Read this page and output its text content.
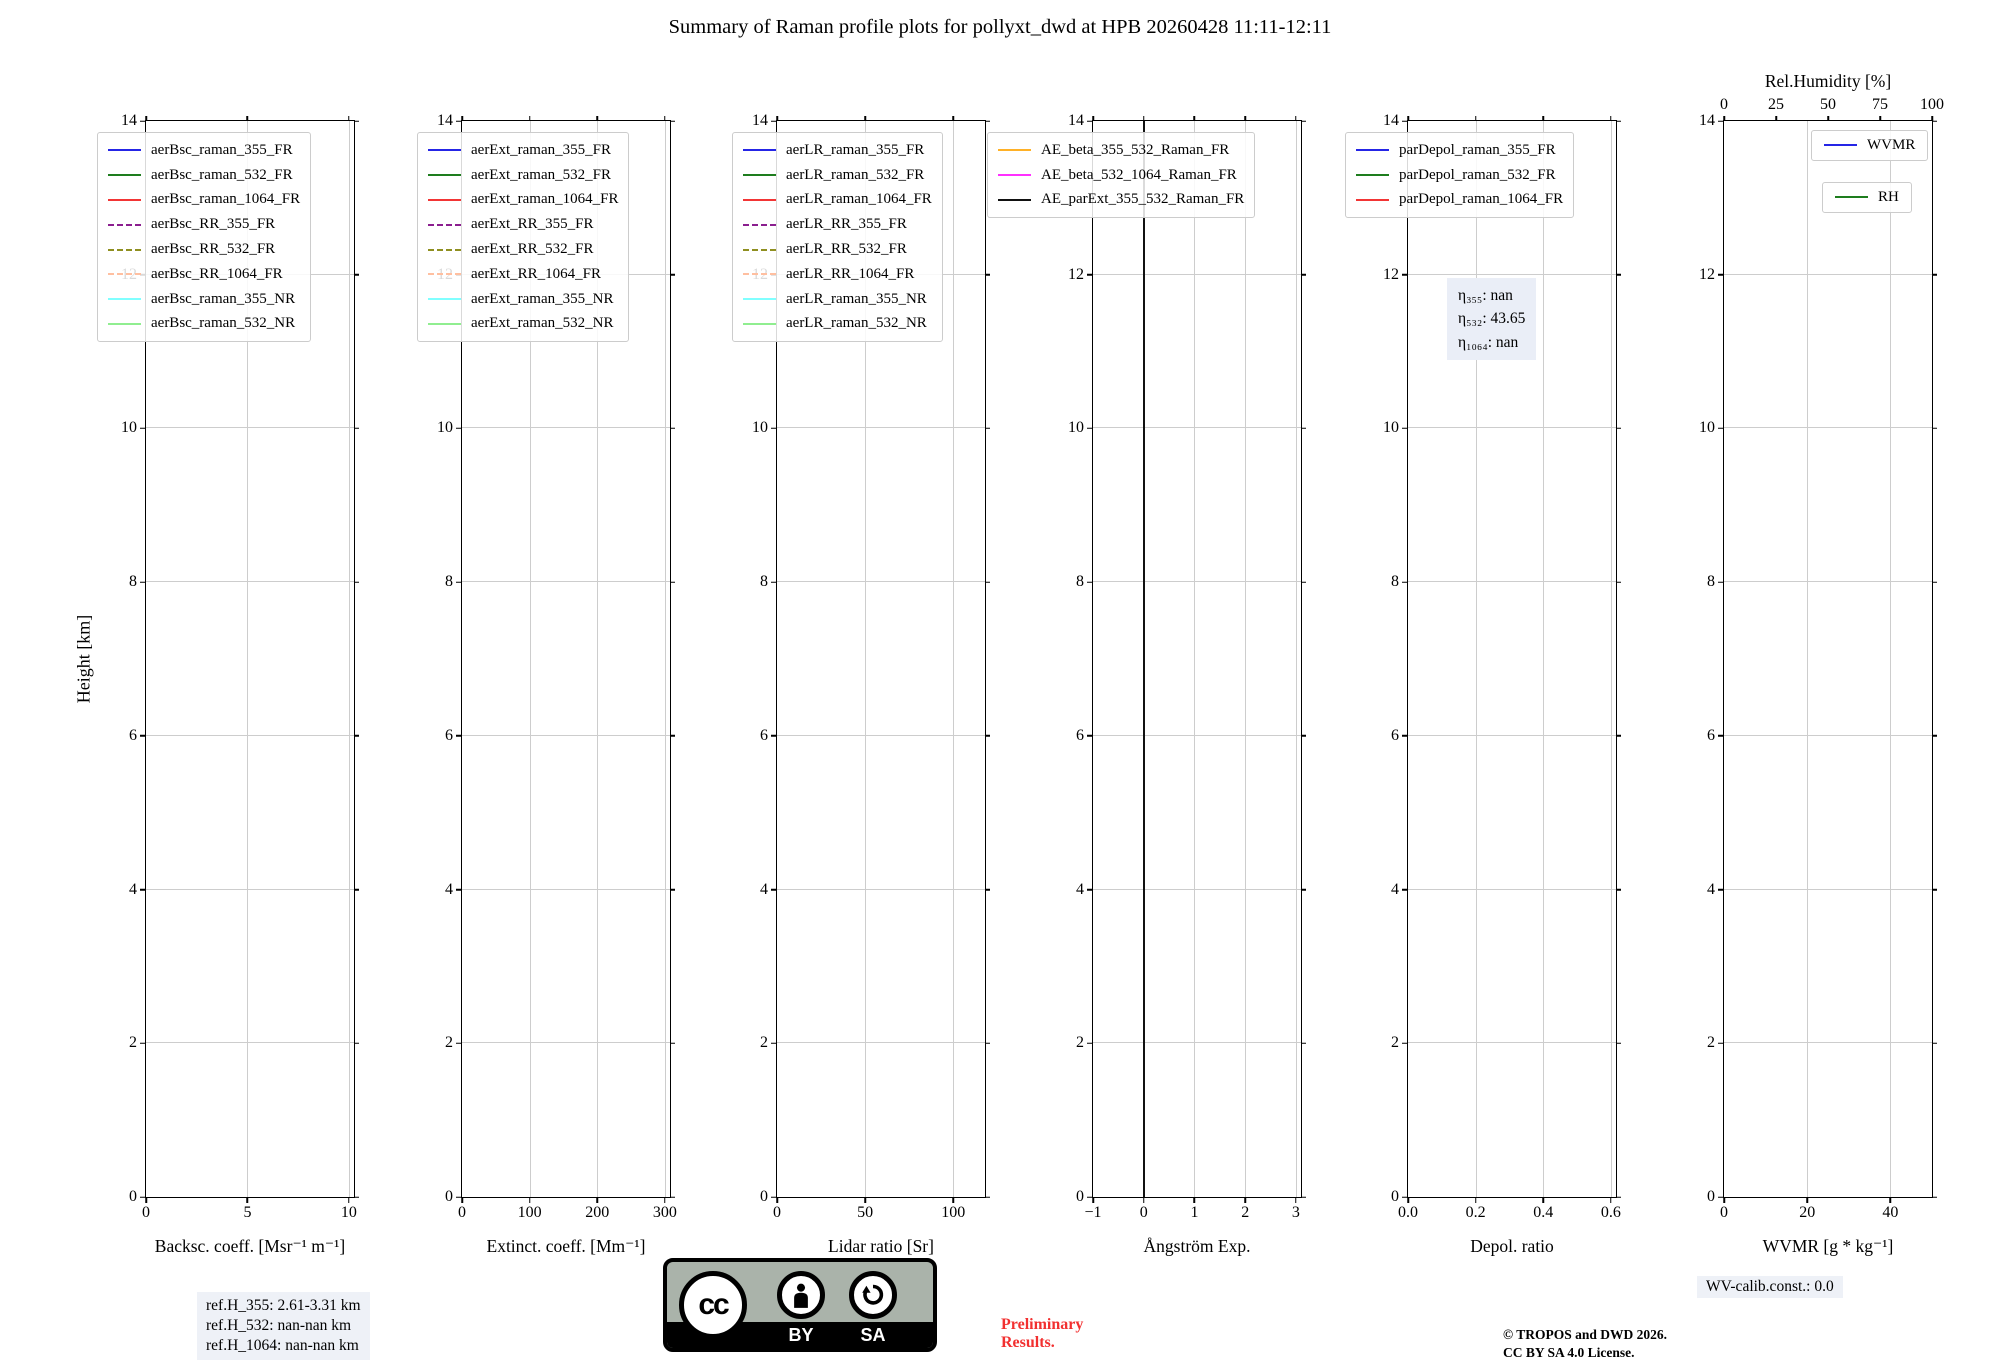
Summary of Raman profile plots for pollyxt_dwd at HPB 20260428 11:11-12:11
Height [km]
0
2
4
6
8
10
14
0	5	10
Backsc. coeff. [Msr⁻¹ m⁻¹]
ref.H_355: 2.61-3.31 km
ref.H_532: nan-nan km
ref.H_1064: nan-nan km
aerBsc_raman_355_FR
aerBsc_raman_532_FR
aerBsc_raman_1064_FR
aerBsc_RR_355_FR
aerBsc_RR_532_FR
aerBsc_RR_1064_FR
aerBsc_raman_355_NR
aerBsc_raman_532_NR
0
2
4
6
8
10
14
0	100	200	300
Extinct. coeff. [Mm⁻¹]
aerExt_raman_355_FR
aerExt_raman_532_FR
aerExt_raman_1064_FR
aerExt_RR_355_FR
aerExt_RR_532_FR
aerExt_RR_1064_FR
aerExt_raman_355_NR
aerExt_raman_532_NR
0
2
4
6
8
10
14
0	50	100
Lidar ratio [Sr]
aerLR_raman_355_FR
aerLR_raman_532_FR
aerLR_raman_1064_FR
aerLR_RR_355_FR
aerLR_RR_532_FR
aerLR_RR_1064_FR
aerLR_raman_355_NR
aerLR_raman_532_NR
0
2
4
6
8
10
12
14
−1 0	1	2	3
Ångström Exp.
AE_beta_355_532_Raman_FR
AE_beta_532_1064_Raman_FR
AE_parExt_355_532_Raman_FR
0
2
4
6
8
10
12
14
0.0	0.2	0.4	0.6
Depol. ratio
parDepol_raman_355_FR
parDepol_raman_532_FR
parDepol_raman_1064_FR
η₃₅₅: nan
η₅₃₂: 43.65
η₁₀₆₄: nan
0
2
4
6
8
10
12
14
0	20	40
0	25 50 75 100
Rel.Humidity [%]
WVMR [g * kg⁻¹]
WVMR
RH
cc
BY	SA
Preliminary
Results.	© TROPOS and DWD 2026.
CC BY SA 4.0 License.
WV-calib.const.: 0.0
